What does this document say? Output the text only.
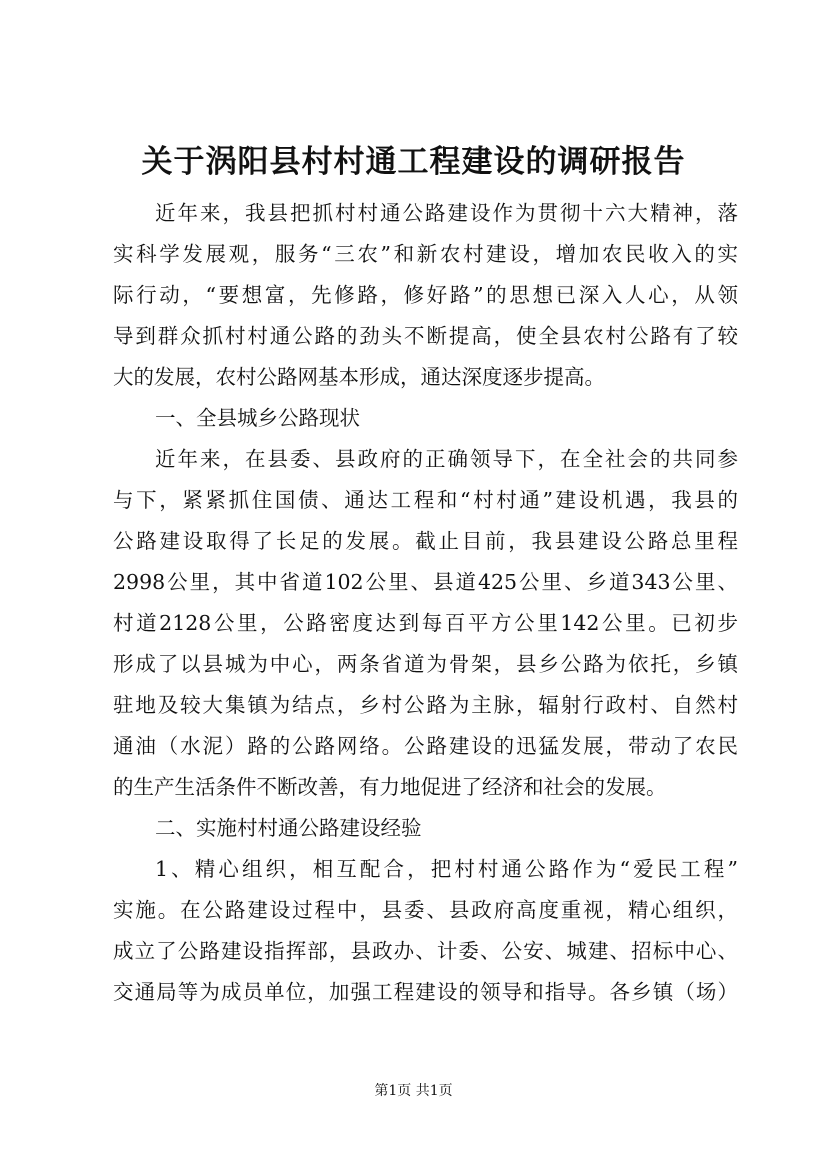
关于涡阳县村村通工程建设的调研报告
近年来，我县把抓村村通公路建设作为贯彻十六大精神，落
实科学发展观，服务“三农”和新农村建设，增加农民收入的实
际行动，“要想富，先修路，修好路”的思想已深入人心，从领
导到群众抓村村通公路的劲头不断提高，使全县农村公路有了较
大的发展，农村公路网基本形成，通达深度逐步提高。
一、全县城乡公路现状
近年来，在县委、县政府的正确领导下，在全社会的共同参
与下，紧紧抓住国债、通达工程和“村村通”建设机遇，我县的
公路建设取得了长足的发展。截止目前，我县建设公路总里程
2998公里，其中省道102公里、县道425公里、乡道343公里、
村道2128公里，公路密度达到每百平方公里142公里。已初步
形成了以县城为中心，两条省道为骨架，县乡公路为依托，乡镇
驻地及较大集镇为结点，乡村公路为主脉，辐射行政村、自然村
通油（水泥）路的公路网络。公路建设的迅猛发展，带动了农民
的生产生活条件不断改善，有力地促进了经济和社会的发展。
二、实施村村通公路建设经验
1、精心组织，相互配合，把村村通公路作为“爱民工程”
实施。在公路建设过程中，县委、县政府高度重视，精心组织，
成立了公路建设指挥部，县政办、计委、公安、城建、招标中心、
交通局等为成员单位，加强工程建设的领导和指导。各乡镇（场）
第1页 共1页
